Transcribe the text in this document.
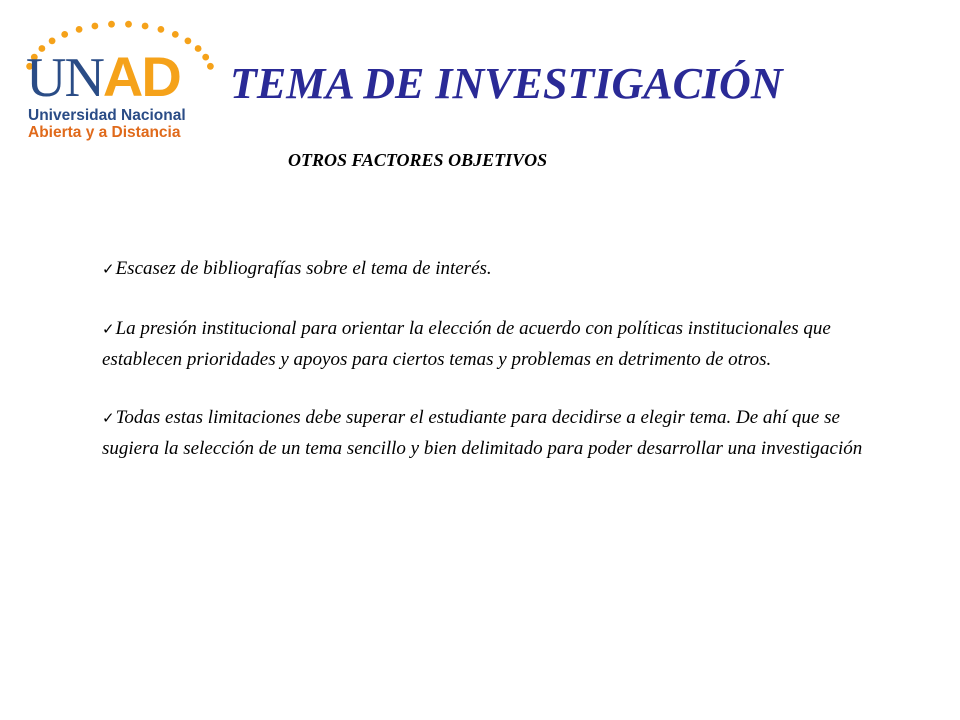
UNAD
Universidad Nacional
Abierta y a Distancia
TEMA DE INVESTIGACIÓN
OTROS FACTORES OBJETIVOS

✓Escasez de bibliografías sobre el tema de interés.

✓La presión institucional para orientar la elección de acuerdo con políticas institucionales que establecen prioridades y apoyos para ciertos temas y problemas en detrimento de otros.

✓Todas estas limitaciones debe superar el estudiante para decidirse a elegir tema. De ahí que se sugiera la selección de un tema sencillo y bien delimitado para poder desarrollar una investigación
